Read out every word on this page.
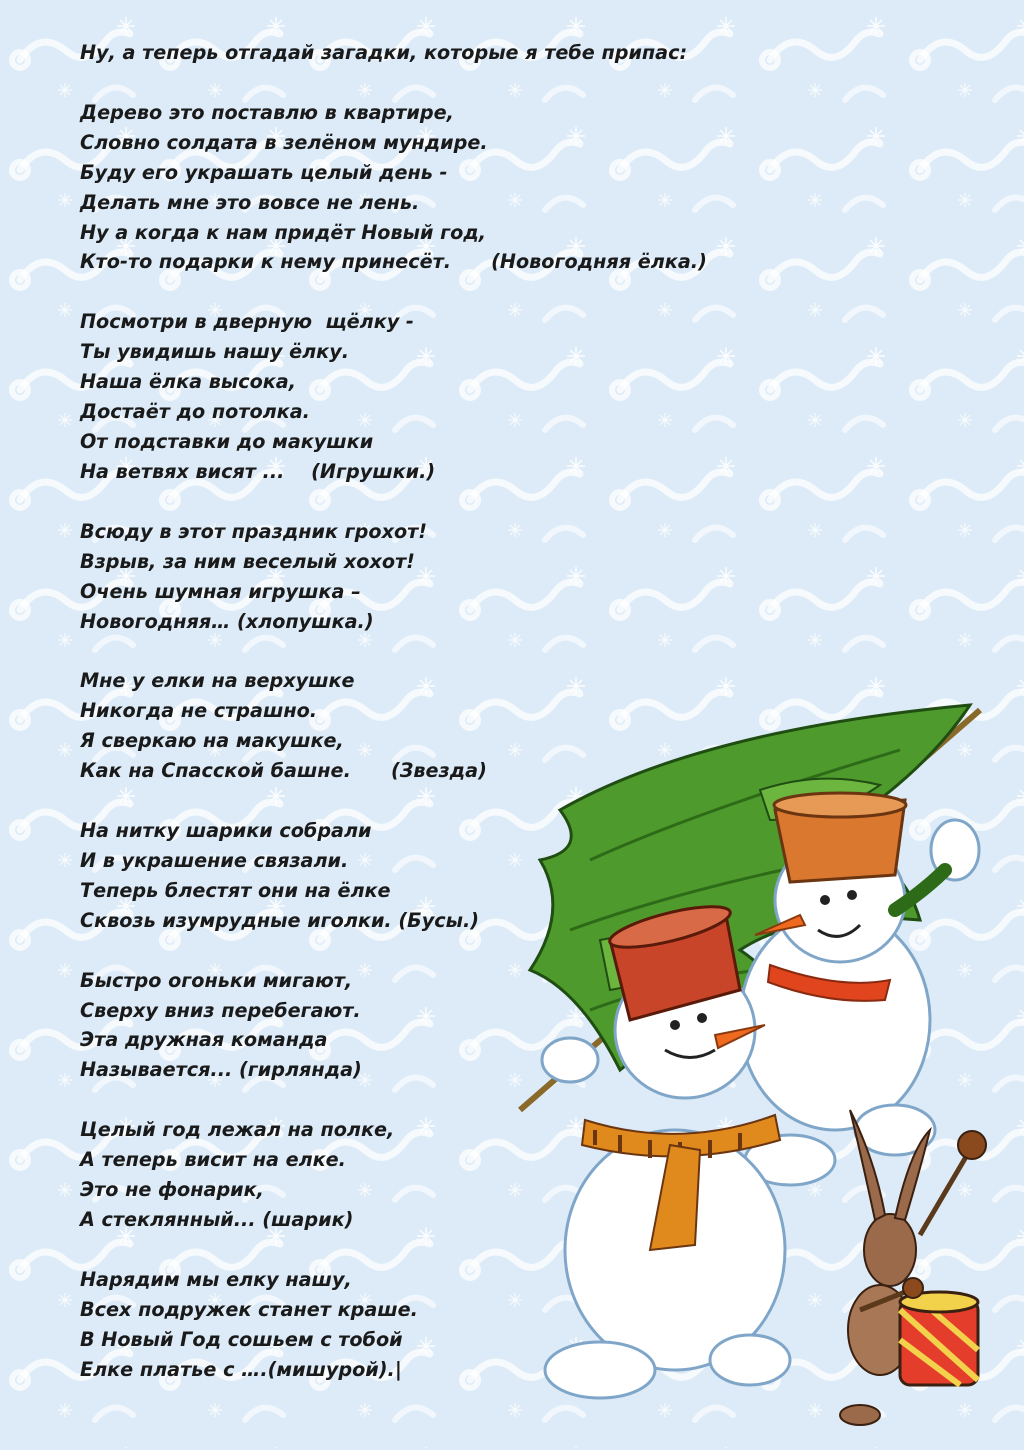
Ну, а теперь отгадай загадки, которые я тебе припас:

Дерево это поставлю в квартире,
Словно солдата в зелёном мундире.
Буду его украшать целый день -
Делать мне это вовсе не лень.
Ну а когда к нам придёт Новый год,
Кто-то подарки к нему принесёт.      (Новогодняя ёлка.)
Посмотри в дверную  щёлку -
Ты увидишь нашу ёлку.
Наша ёлка высока,
Достаёт до потолка.
От подставки до макушки
На ветвях висят ...    (Игрушки.)
Всюду в этот праздник грохот!
Взрыв, за ним веселый хохот!
Очень шумная игрушка –
Новогодняя… (хлопушка.)
Мне у елки на верхушке
Никогда не страшно.
Я сверкаю на макушке,
Как на Спасской башне.      (Звезда)
На нитку шарики собрали
И в украшение связали.
Теперь блестят они на ёлке
Сквозь изумрудные иголки. (Бусы.)
Быстро огоньки мигают,
Сверху вниз перебегают.
Эта дружная команда
Называется... (гирлянда)
Целый год лежал на полке,
А теперь висит на елке.
Это не фонарик,
А стеклянный... (шарик)
Нарядим мы елку нашу,
Всех подружек станет краше.
В Новый Год сошьем с тобой
Елке платье с ….(мишурой).|
